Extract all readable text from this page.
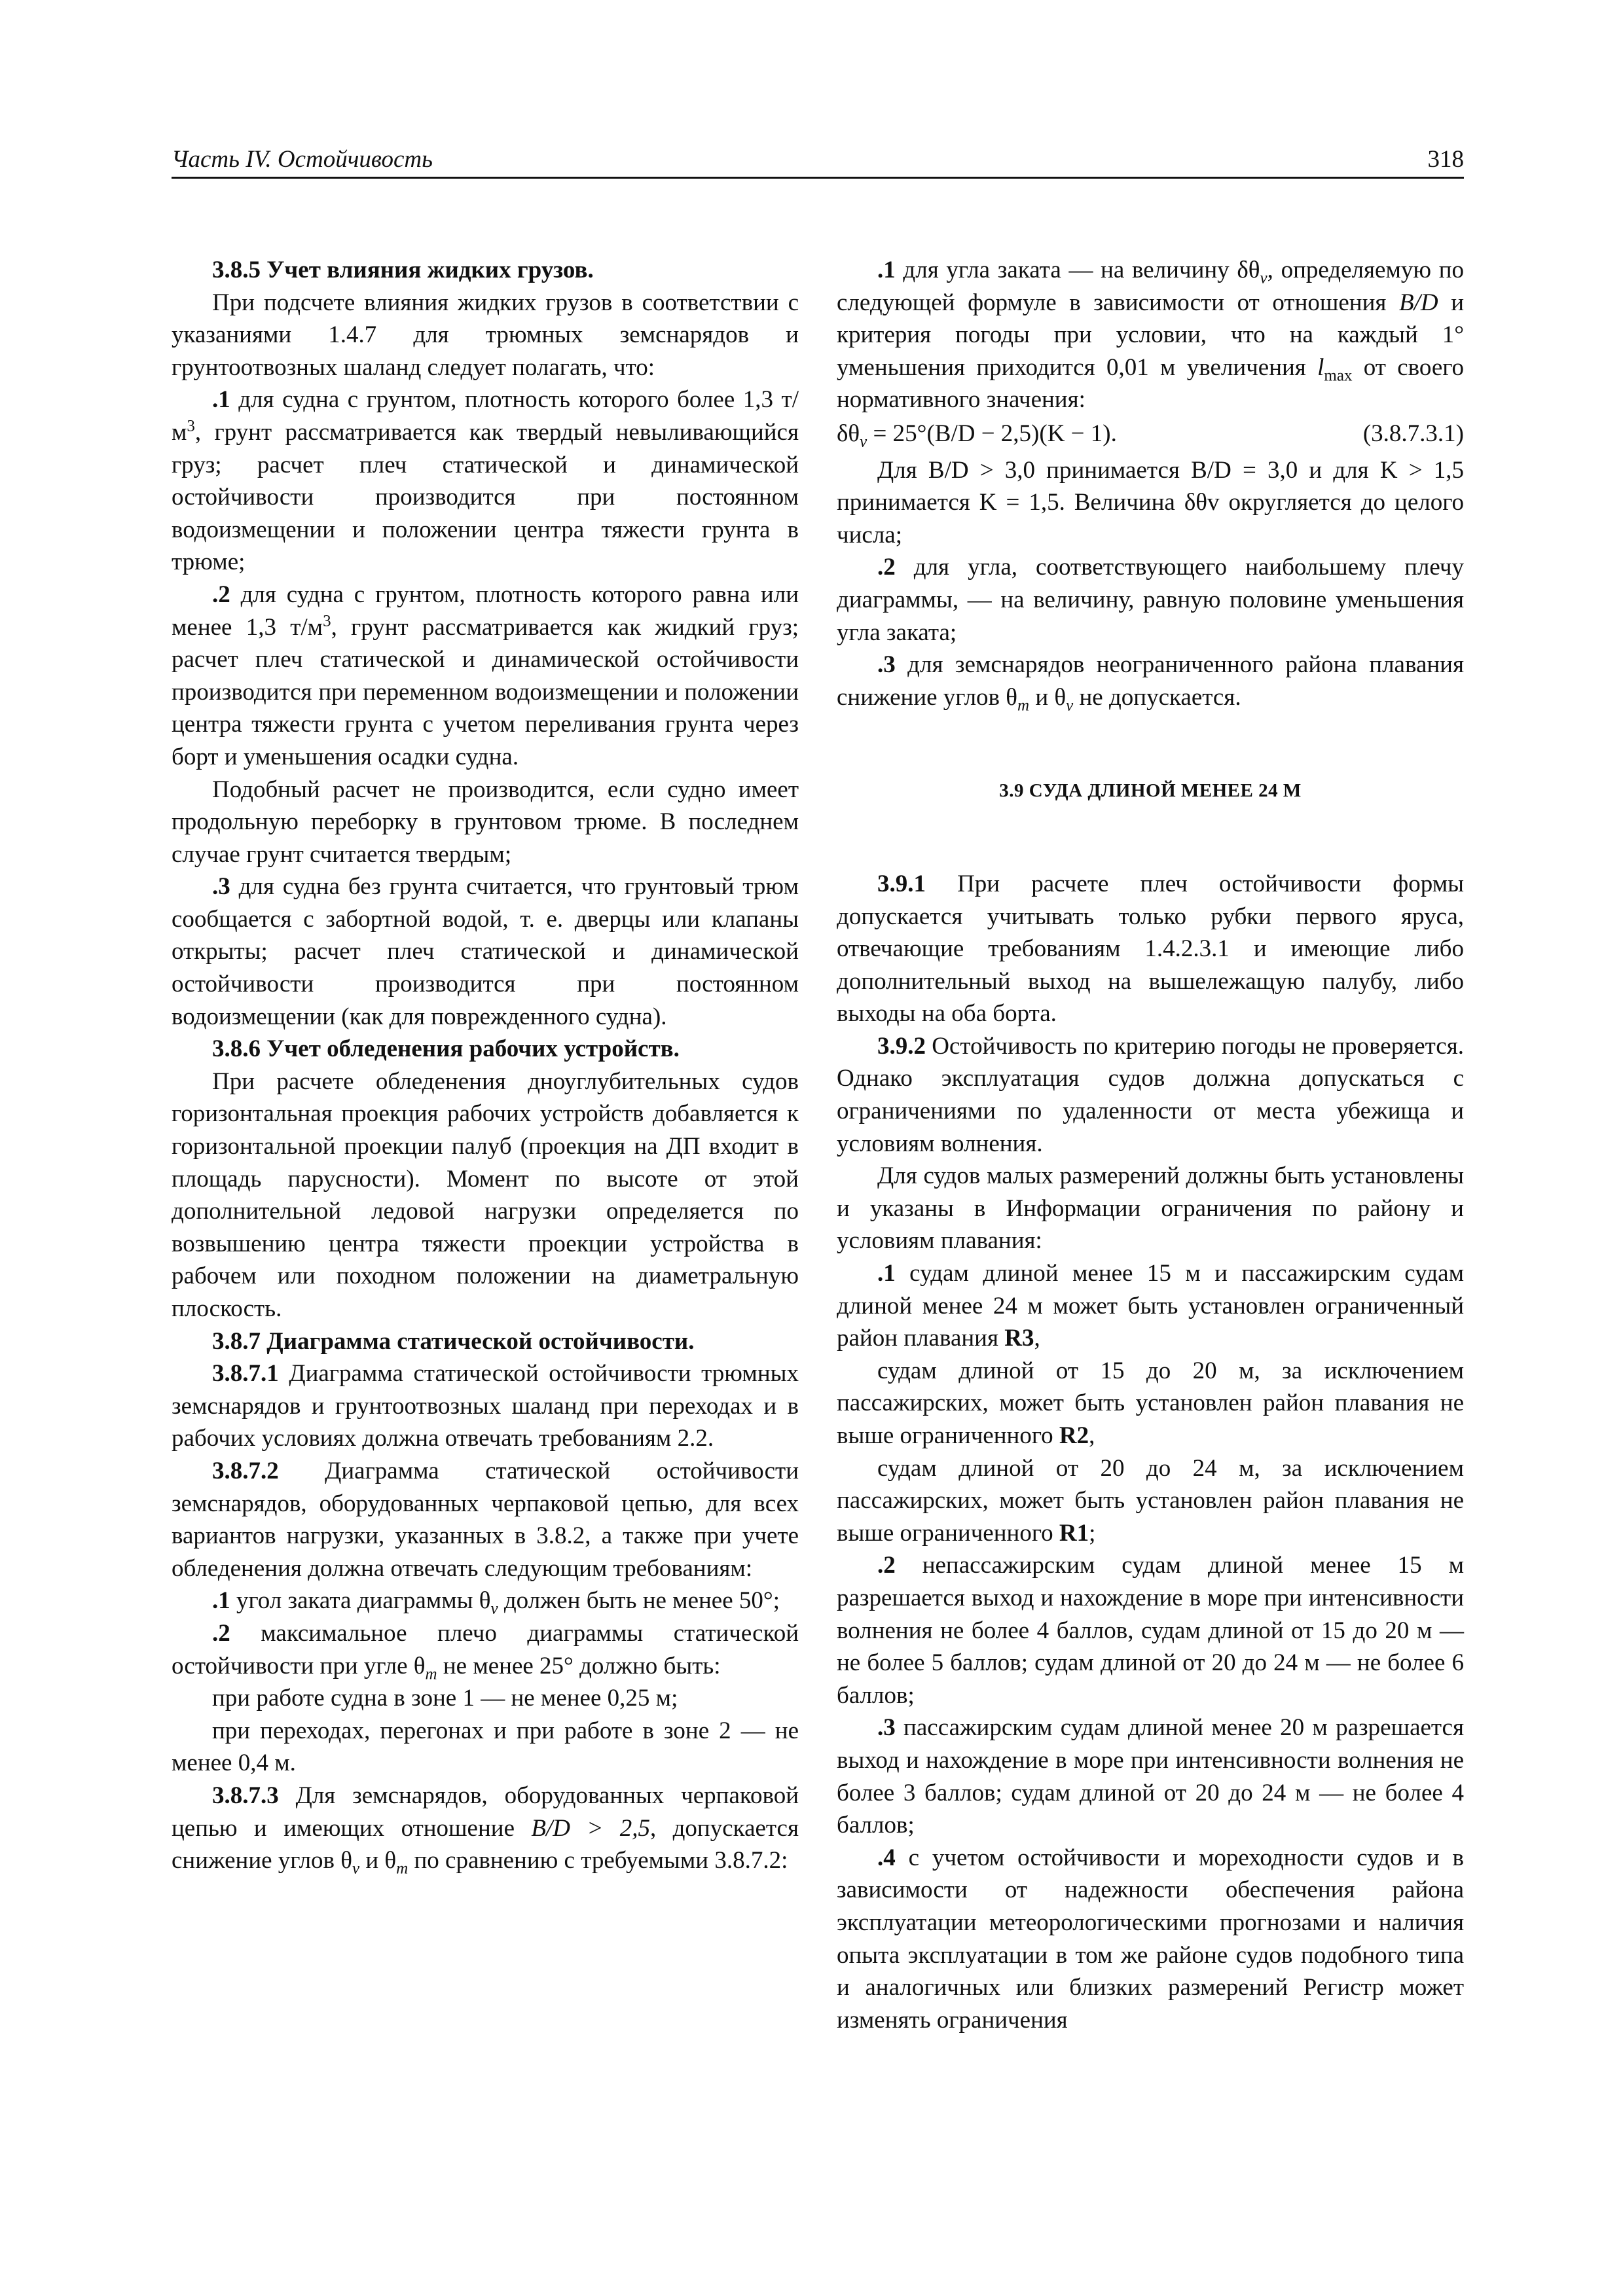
Часть IV. Остойчивость	318

3.8.5 Учет влияния жидких грузов.

При подсчете влияния жидких грузов в соответствии с указаниями 1.4.7 для трюмных земснарядов и грунтоотвозных шаланд следует полагать, что:

.1 для судна с грунтом, плотность которого более 1,3 $т/м^3$, грунт рассматривается как твердый невыливающийся груз; расчет плеч статической и динамической остойчивости производится при постоянном водоизмещении и положении центра тяжести грунта в трюме;

.2 для судна с грунтом, плотность которого равна или менее 1,3 $т/м^3$, грунт рассматривается как жидкий груз; расчет плеч статической и динамической остойчивости производится при переменном водоизмещении и положении центра тяжести грунта с учетом переливания грунта через борт и уменьшения осадки судна.

Подобный расчет не производится, если судно имеет продольную переборку в грунтовом трюме. В последнем случае грунт считается твердым;

.3 для судна без грунта считается, что грунтовый трюм сообщается с забортной водой, т. е. дверцы или клапаны открыты; расчет плеч статической и динамической остойчивости производится при постоянном водоизмещении (как для поврежденного судна).

3.8.6 Учет обледенения рабочих устройств.

При расчете обледенения дноуглубительных судов горизонтальная проекция рабочих устройств добавляется к горизонтальной проекции палуб (проекция на ДП входит в площадь парусности). Момент по высоте от этой дополнительной ледовой нагрузки определяется по возвышению центра тяжести проекции устройства в рабочем или походном положении на диаметральную плоскость.

3.8.7 Диаграмма статической остойчивости.

3.8.7.1 Диаграмма статической остойчивости трюмных земснарядов и грунтоотвозных шаланд при переходах и в рабочих условиях должна отвечать требованиям 2.2.

3.8.7.2 Диаграмма статической остойчивости земснарядов, оборудованных черпаковой цепью, для всех вариантов нагрузки, указанных в 3.8.2, а также при учете обледенения должна отвечать следующим требованиям:

.1 угол заката диаграммы $\theta_v$ должен быть не менее 50°;

.2 максимальное плечо диаграммы статической остойчивости при угле $\theta_m$ не менее 25° должно быть:

при работе судна в зоне 1 — не менее 0,25 м;

при переходах, перегонах и при работе в зоне 2 — не менее 0,4 м.

3.8.7.3 Для земснарядов, оборудованных черпаковой цепью и имеющих отношение B/D > 2,5, допускается снижение углов $\theta_v$ и $\theta_m$ по сравнению с требуемыми 3.8.7.2:

.1 для угла заката — на величину $\delta\theta_v$, определяемую по следующей формуле в зависимости от отношения B/D и критерия погоды при условии, что на каждый 1° уменьшения приходится 0,01 м увеличения $l_{max}$ от своего нормативного значения:

$\delta\theta_v = 25^\circ(B/D - 2,5)(K - 1)$.	(3.8.7.3.1)

Для B/D > 3,0 принимается B/D = 3,0 и для K > 1,5 принимается K = 1,5. Величина δθv округляется до целого числа;

.2 для угла, соответствующего наибольшему плечу диаграммы, — на величину, равную половине уменьшения угла заката;

.3 для земснарядов неограниченного района плавания снижение углов $\theta_m$ и $\theta_v$ не допускается.

3.9 СУДА ДЛИНОЙ МЕНЕЕ 24 М

3.9.1 При расчете плеч остойчивости формы допускается учитывать только рубки первого яруса, отвечающие требованиям 1.4.2.3.1 и имеющие либо дополнительный выход на вышележащую палубу, либо выходы на оба борта.

3.9.2 Остойчивость по критерию погоды не проверяется. Однако эксплуатация судов должна допускаться с ограничениями по удаленности от места убежища и условиям волнения.

Для судов малых размерений должны быть установлены и указаны в Информации ограничения по району и условиям плавания:

.1 судам длиной менее 15 м и пассажирским судам длиной менее 24 м может быть установлен ограниченный район плавания R3,

судам длиной от 15 до 20 м, за исключением пассажирских, может быть установлен район плавания не выше ограниченного R2,

судам длиной от 20 до 24 м, за исключением пассажирских, может быть установлен район плавания не выше ограниченного R1;

.2 непассажирским судам длиной менее 15 м разрешается выход и нахождение в море при интенсивности волнения не более 4 баллов, судам длиной от 15 до 20 м — не более 5 баллов; судам длиной от 20 до 24 м — не более 6 баллов;

.3 пассажирским судам длиной менее 20 м разрешается выход и нахождение в море при интенсивности волнения не более 3 баллов; судам длиной от 20 до 24 м — не более 4 баллов;

.4 с учетом остойчивости и мореходности судов и в зависимости от надежности обеспечения района эксплуатации метеорологическими прогнозами и наличия опыта эксплуатации в том же районе судов подобного типа и аналогичных или близких размерений Регистр может изменять ограничения
